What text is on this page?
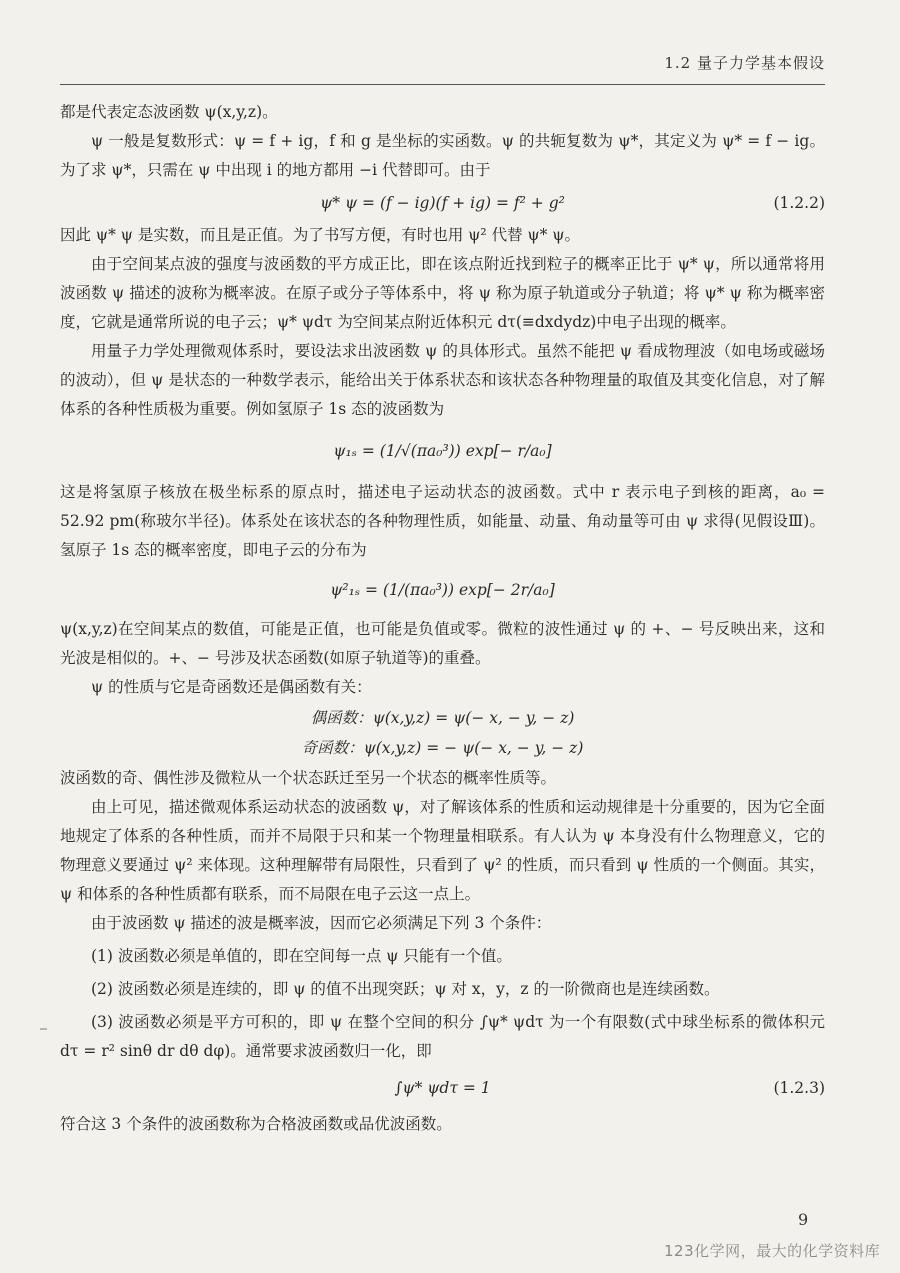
1.2 量子力学基本假设

都是代表定态波函数 ψ(x,y,z)。

ψ 一般是复数形式：ψ = f + ig，f 和 g 是坐标的实函数。ψ 的共轭复数为 ψ*，其定义为 ψ* = f − ig。为了求 ψ*，只需在 ψ 中出现 i 的地方都用 −i 代替即可。由于

ψ* ψ = (f − ig)(f + ig) = f² + g²	(1.2.2)

因此 ψ* ψ 是实数，而且是正值。为了书写方便，有时也用 ψ² 代替 ψ* ψ。

由于空间某点波的强度与波函数的平方成正比，即在该点附近找到粒子的概率正比于 ψ* ψ，所以通常将用波函数 ψ 描述的波称为概率波。在原子或分子等体系中，将 ψ 称为原子轨道或分子轨道；将 ψ* ψ 称为概率密度，它就是通常所说的电子云；ψ* ψdτ 为空间某点附近体积元 dτ(≡dxdydz)中电子出现的概率。

用量子力学处理微观体系时，要设法求出波函数 ψ 的具体形式。虽然不能把 ψ 看成物理波（如电场或磁场的波动），但 ψ 是状态的一种数学表示，能给出关于体系状态和该状态各种物理量的取值及其变化信息，对了解体系的各种性质极为重要。例如氢原子 1s 态的波函数为

ψ₁ₛ = (1/√(πa₀³)) exp[− r/a₀]

这是将氢原子核放在极坐标系的原点时，描述电子运动状态的波函数。式中 r 表示电子到核的距离，a₀ = 52.92 pm(称玻尔半径)。体系处在该状态的各种物理性质，如能量、动量、角动量等可由 ψ 求得(见假设Ⅲ)。氢原子 1s 态的概率密度，即电子云的分布为

ψ²₁ₛ = (1/(πa₀³)) exp[− 2r/a₀]

ψ(x,y,z)在空间某点的数值，可能是正值，也可能是负值或零。微粒的波性通过 ψ 的 +、− 号反映出来，这和光波是相似的。+、− 号涉及状态函数(如原子轨道等)的重叠。

ψ 的性质与它是奇函数还是偶函数有关：

偶函数：ψ(x,y,z) = ψ(− x, − y, − z)
奇函数：ψ(x,y,z) = − ψ(− x, − y, − z)

波函数的奇、偶性涉及微粒从一个状态跃迁至另一个状态的概率性质等。

由上可见，描述微观体系运动状态的波函数 ψ，对了解该体系的性质和运动规律是十分重要的，因为它全面地规定了体系的各种性质，而并不局限于只和某一个物理量相联系。有人认为 ψ 本身没有什么物理意义，它的物理意义要通过 ψ² 来体现。这种理解带有局限性，只看到了 ψ² 的性质，而只看到 ψ 性质的一个侧面。其实，ψ 和体系的各种性质都有联系，而不局限在电子云这一点上。

由于波函数 ψ 描述的波是概率波，因而它必须满足下列 3 个条件：

(1) 波函数必须是单值的，即在空间每一点 ψ 只能有一个值。

(2) 波函数必须是连续的，即 ψ 的值不出现突跃；ψ 对 x，y，z 的一阶微商也是连续函数。

(3) 波函数必须是平方可积的，即 ψ 在整个空间的积分 ∫ψ* ψdτ 为一个有限数(式中球坐标系的微体积元 dτ = r² sinθ dr dθ dφ)。通常要求波函数归一化，即

∫ψ* ψdτ = 1	(1.2.3)

符合这 3 个条件的波函数称为合格波函数或品优波函数。

9
123化学网，最大的化学资料库
